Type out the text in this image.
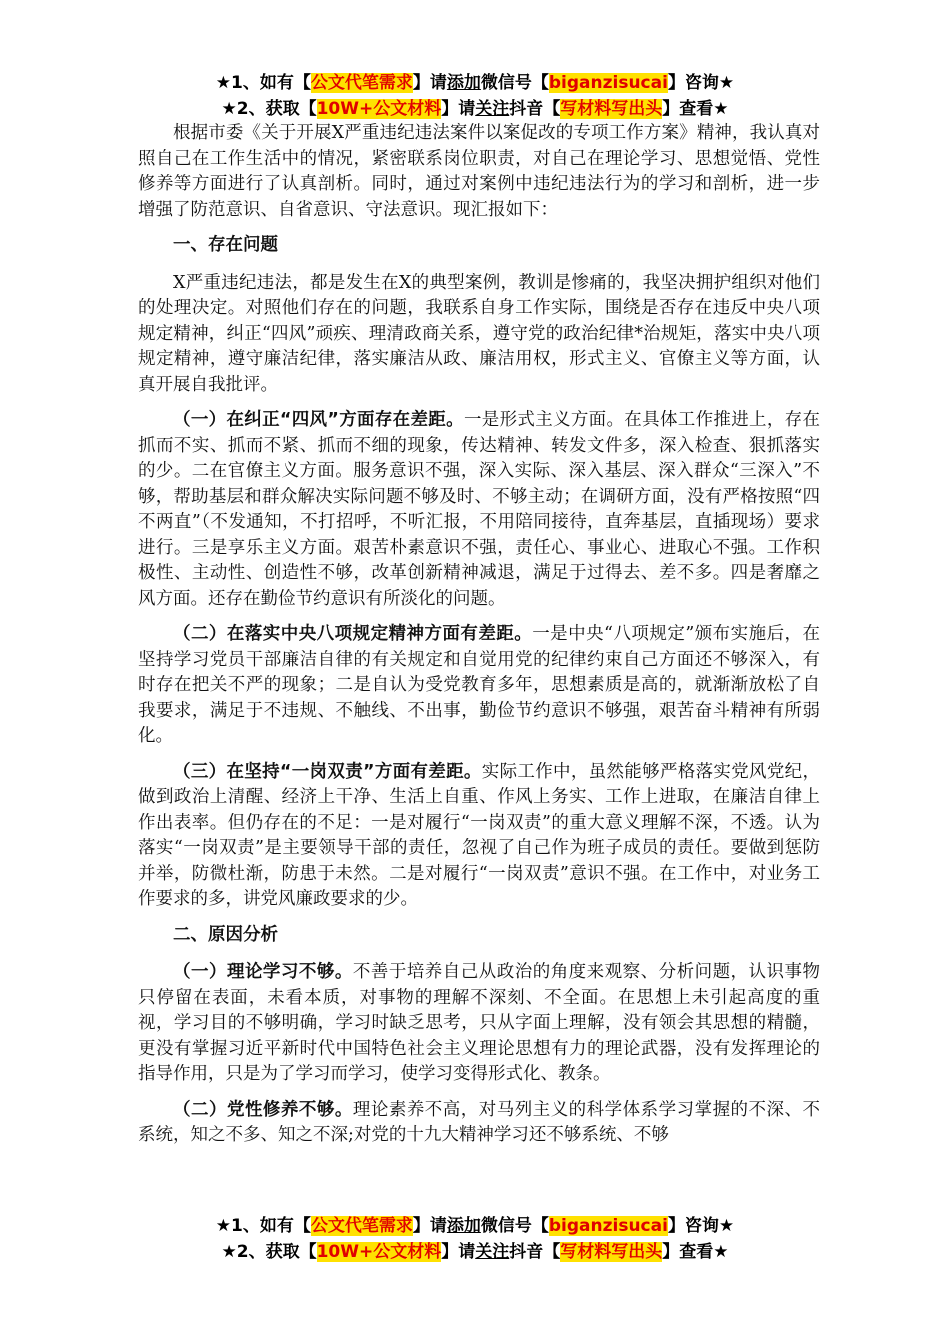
★1、如有【公文代笔需求】请添加微信号【biganzisucai】咨询★
★2、获取【10W+公文材料】请关注抖音【写材料写出头】查看★

根据市委《关于开展Ⅹ严重违纪违法案件以案促改的专项工作方案》精神，我认真对照自己在工作生活中的情况，紧密联系岗位职责，对自己在理论学习、思想觉悟、党性修养等方面进行了认真剖析。同时，通过对案例中违纪违法行为的学习和剖析，进一步增强了防范意识、自省意识、守法意识。现汇报如下：

一、存在问题

Ⅹ严重违纪违法，都是发生在Ⅹ的典型案例，教训是惨痛的，我坚决拥护组织对他们的处理决定。对照他们存在的问题，我联系自身工作实际，围绕是否存在违反中央八项规定精神，纠正“四风”顽疾、理清政商关系，遵守党的政治纪律*治规矩，落实中央八项规定精神，遵守廉洁纪律，落实廉洁从政、廉洁用权，形式主义、官僚主义等方面，认真开展自我批评。

（一）在纠正“四风”方面存在差距。一是形式主义方面。在具体工作推进上，存在抓而不实、抓而不紧、抓而不细的现象，传达精神、转发文件多，深入检查、狠抓落实的少。二在官僚主义方面。服务意识不强，深入实际、深入基层、深入群众“三深入”不够，帮助基层和群众解决实际问题不够及时、不够主动；在调研方面，没有严格按照“四不两直”（不发通知，不打招呼，不听汇报，不用陪同接待，直奔基层，直插现场）要求进行。三是享乐主义方面。艰苦朴素意识不强，责任心、事业心、进取心不强。工作积极性、主动性、创造性不够，改革创新精神减退，满足于过得去、差不多。四是奢靡之风方面。还存在勤俭节约意识有所淡化的问题。

（二）在落实中央八项规定精神方面有差距。一是中央“八项规定”颁布实施后，在坚持学习党员干部廉洁自律的有关规定和自觉用党的纪律约束自己方面还不够深入，有时存在把关不严的现象；二是自认为受党教育多年，思想素质是高的，就渐渐放松了自我要求，满足于不违规、不触线、不出事，勤俭节约意识不够强，艰苦奋斗精神有所弱化。

（三）在坚持“一岗双责”方面有差距。实际工作中，虽然能够严格落实党风党纪，做到政治上清醒、经济上干净、生活上自重、作风上务实、工作上进取，在廉洁自律上作出表率。但仍存在的不足：一是对履行“一岗双责”的重大意义理解不深，不透。认为落实“一岗双责”是主要领导干部的责任，忽视了自己作为班子成员的责任。要做到惩防并举，防微杜渐，防患于未然。二是对履行“一岗双责”意识不强。在工作中，对业务工作要求的多，讲党风廉政要求的少。

二、原因分析

（一）理论学习不够。不善于培养自己从政治的角度来观察、分析问题，认识事物只停留在表面，未看本质，对事物的理解不深刻、不全面。在思想上未引起高度的重视，学习目的不够明确，学习时缺乏思考，只从字面上理解，没有领会其思想的精髓，更没有掌握习近平新时代中国特色社会主义理论思想有力的理论武器，没有发挥理论的指导作用，只是为了学习而学习，使学习变得形式化、教条。

（二）党性修养不够。理论素养不高，对马列主义的科学体系学习掌握的不深、不系统，知之不多、知之不深;对党的十九大精神学习还不够系统、不够

★1、如有【公文代笔需求】请添加微信号【biganzisucai】咨询★
★2、获取【10W+公文材料】请关注抖音【写材料写出头】查看★
